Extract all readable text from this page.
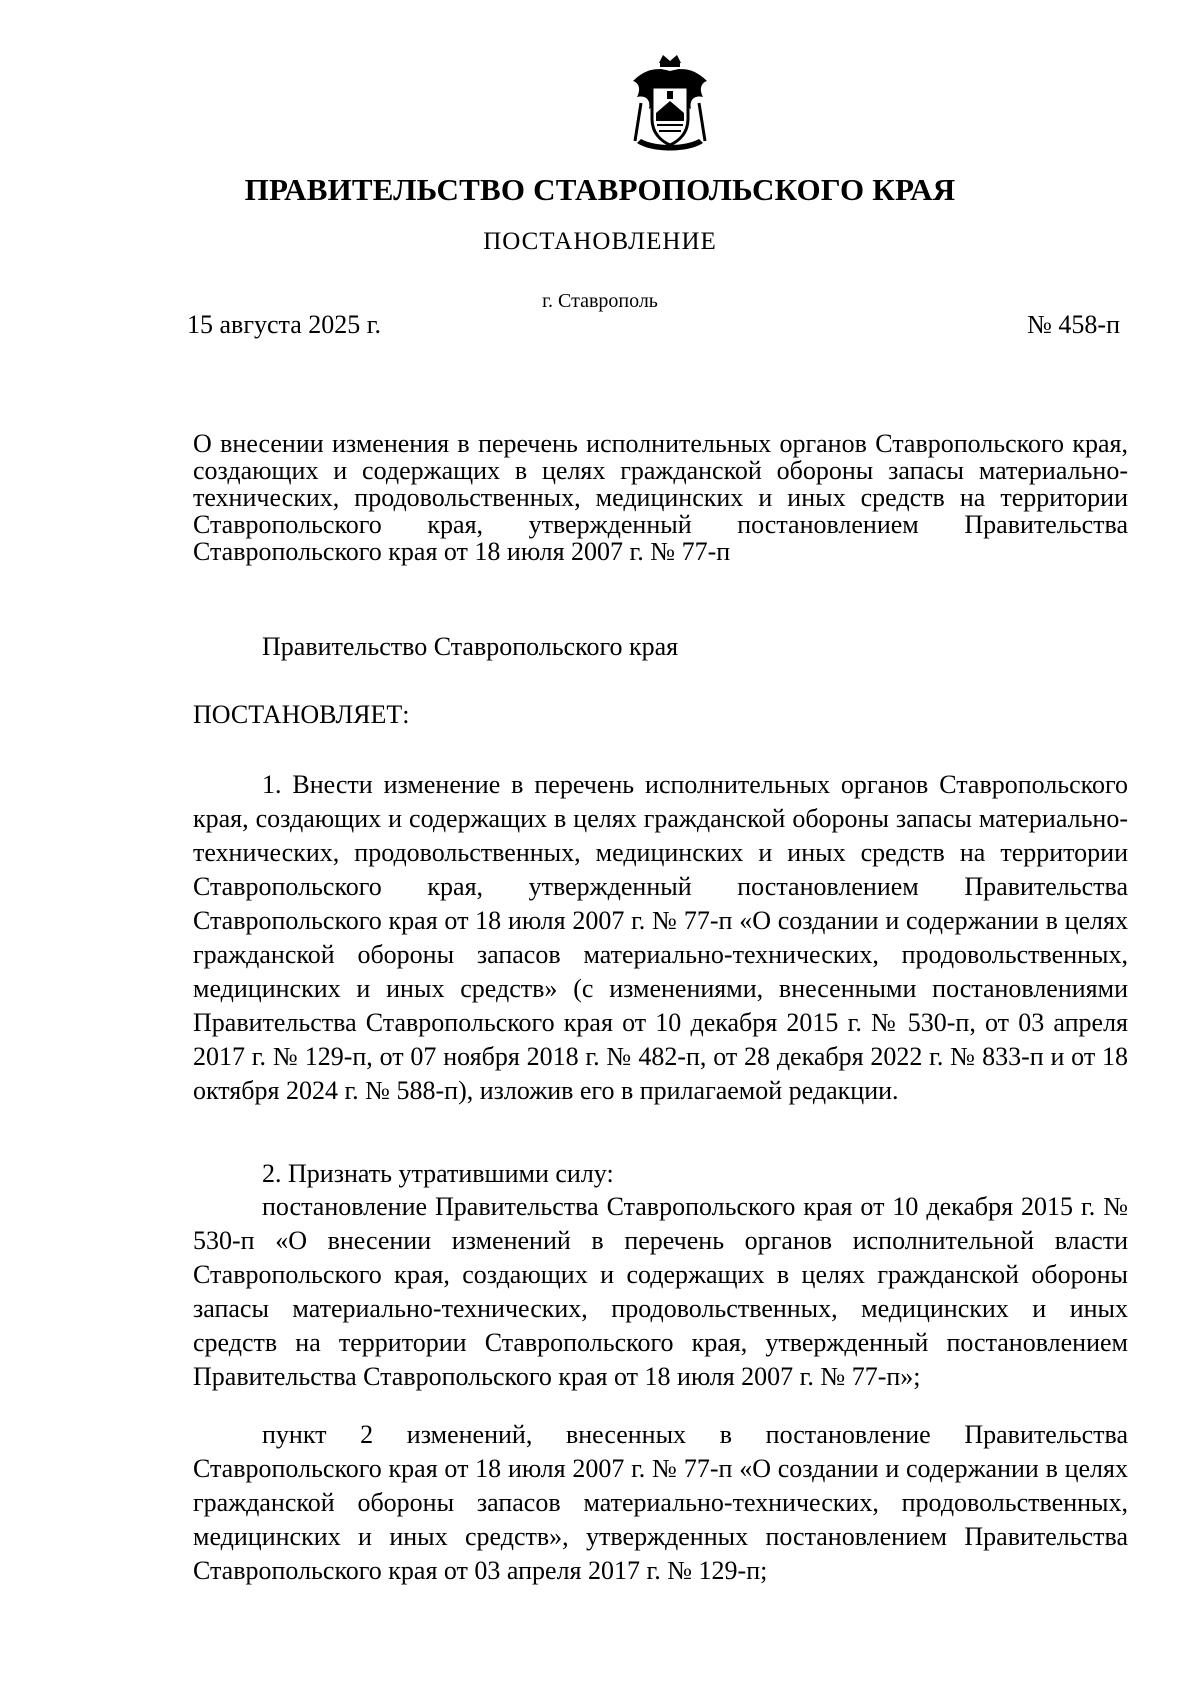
ПРАВИТЕЛЬСТВО СТАВРОПОЛЬСКОГО КРАЯ
ПОСТАНОВЛЕНИЕ
г. Ставрополь
15 августа 2025 г.	№ 458-п
О внесении изменения в перечень исполнительных органов Ставропольского края, создающих и содержащих в целях гражданской обороны запасы материально-технических, продовольственных, медицинских и иных средств на территории Ставропольского края, утвержденный постановлением Правительства Ставропольского края от 18 июля 2007 г. № 77-п

Правительство Ставропольского края

ПОСТАНОВЛЯЕТ:

1. Внести изменение в перечень исполнительных органов Ставропольского края, создающих и содержащих в целях гражданской обороны запасы материально-технических, продовольственных, медицинских и иных средств на территории Ставропольского края, утвержденный постановлением Правительства Ставропольского края от 18 июля 2007 г. № 77-п «О создании и содержании в целях гражданской обороны запасов материально-технических, продовольственных, медицинских и иных средств» (с изменениями, внесенными постановлениями Правительства Ставропольского края от 10 декабря 2015 г. № 530-п, от 03 апреля 2017 г. № 129-п, от 07 ноября 2018 г. № 482-п, от 28 декабря 2022 г. № 833-п и от 18 октября 2024 г. № 588-п), изложив его в прилагаемой редакции.

2. Признать утратившими силу:

постановление Правительства Ставропольского края от 10 декабря 2015 г. № 530-п «О внесении изменений в перечень органов исполнительной власти Ставропольского края, создающих и содержащих в целях гражданской обороны запасы материально-технических, продовольственных, медицинских и иных средств на территории Ставропольского края, утвержденный постановлением Правительства Ставропольского края от 18 июля 2007 г. № 77-п»;

пункт 2 изменений, внесенных в постановление Правительства Ставропольского края от 18 июля 2007 г. № 77-п «О создании и содержании в целях гражданской обороны запасов материально-технических, продовольственных, медицинских и иных средств», утвержденных постановлением Правительства Ставропольского края от 03 апреля 2017 г. № 129-п;
